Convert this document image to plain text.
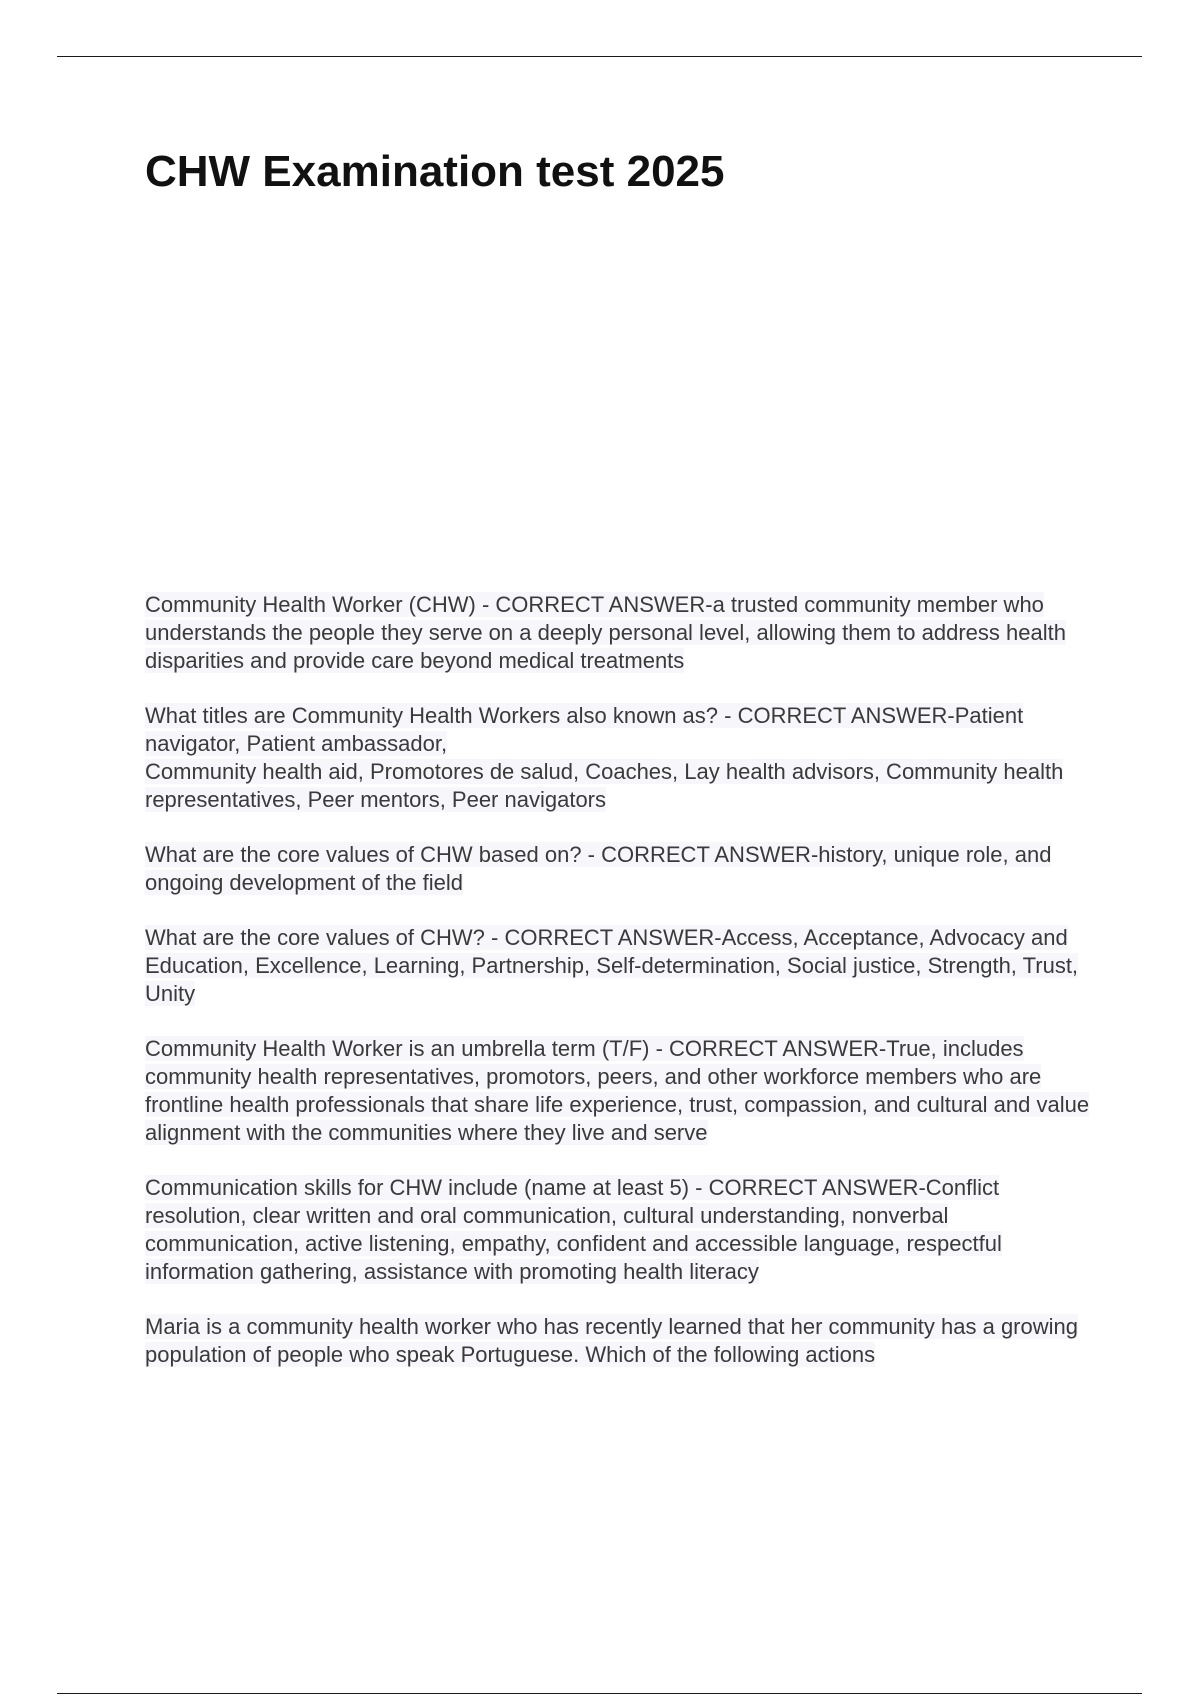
CHW Examination test 2025

Community Health Worker (CHW) - CORRECT ANSWER-a trusted community member who understands the people they serve on a deeply personal level, allowing them to address health disparities and provide care beyond medical treatments

What titles are Community Health Workers also known as? - CORRECT ANSWER-Patient navigator, Patient ambassador,
Community health aid, Promotores de salud, Coaches, Lay health advisors, Community health representatives, Peer mentors, Peer navigators

What are the core values of CHW based on? - CORRECT ANSWER-history, unique role, and ongoing development of the field

What are the core values of CHW? - CORRECT ANSWER-Access, Acceptance, Advocacy and Education, Excellence, Learning, Partnership, Self-determination, Social justice, Strength, Trust, Unity

Community Health Worker is an umbrella term (T/F) - CORRECT ANSWER-True, includes community health representatives, promotors, peers, and other workforce members who are frontline health professionals that share life experience, trust, compassion, and cultural and value alignment with the communities where they live and serve

Communication skills for CHW include (name at least 5) - CORRECT ANSWER-Conflict resolution, clear written and oral communication, cultural understanding, nonverbal communication, active listening, empathy, confident and accessible language, respectful information gathering, assistance with promoting health literacy

Maria is a community health worker who has recently learned that her community has a growing population of people who speak Portuguese. Which of the following actions
